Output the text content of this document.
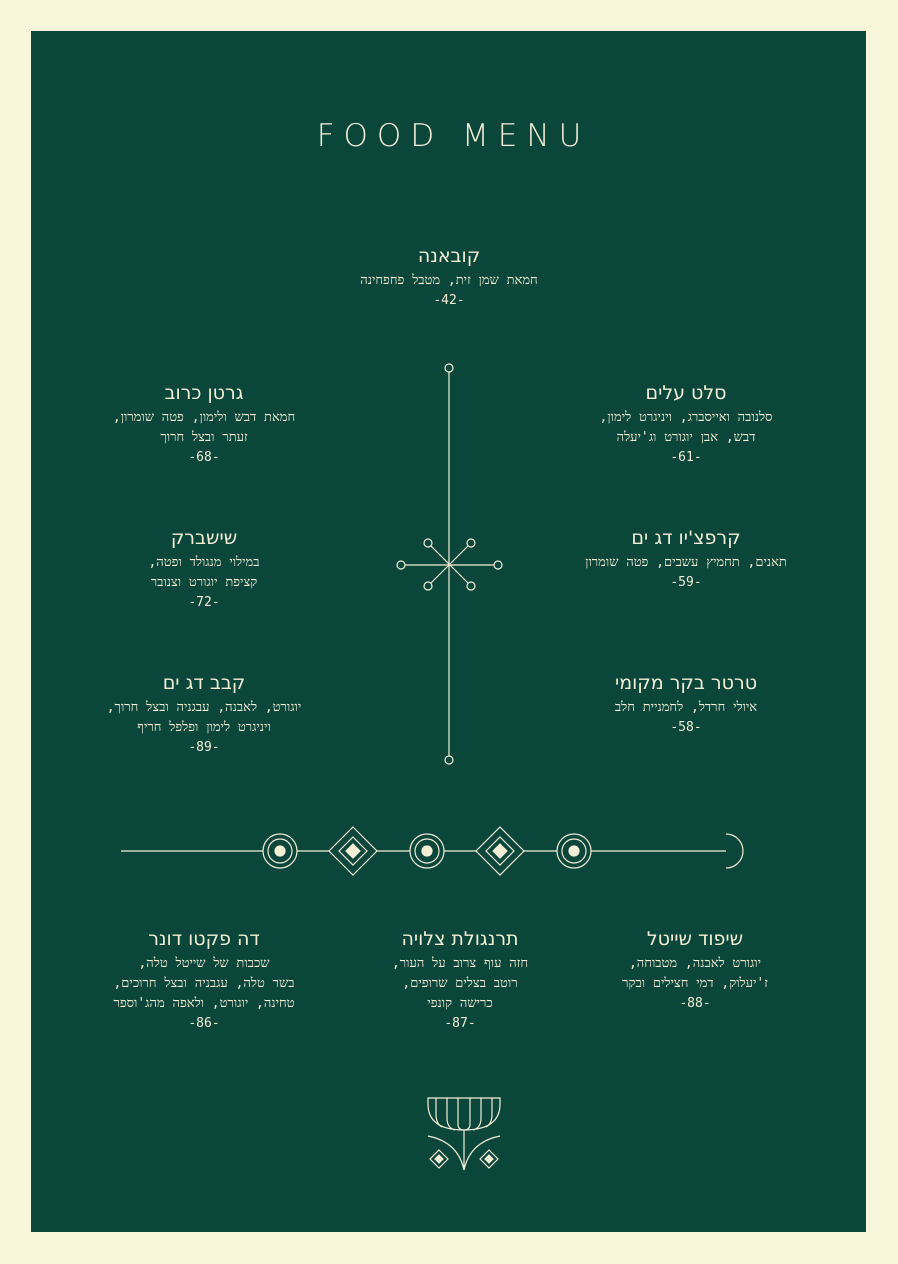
FOOD MENU
קובאנה
חמאת שמן זית, מטבל פחפחינה
-42-
גרטן כרוב
חמאת דבש ולימון, פטה שומרון,
זעתר ובצל חרוך
-68-
שישברק
במילוי מנגולד ופטה,
קציפת יוגורט וצנובר
-72-
קבב דג ים
יוגורט, לאבנה, עבגניה ובצל חרוך,
ויניגרט לימון ופלפל חריף
-89-
סלט עלים
סלנובה ואייסברג, ויניגרט לימון,
דבש, אבן יוגורט וג'יעלה
-61-
קרפצ'יו דג ים
תאנים, תחמיץ עשבים, פטה שומרון
-59-
טרטר בקר מקומי
איולי חרדל, לחמניית חלב
-58-
שיפוד שייטל
יוגורט לאבנה, מטבוחה,
ז'יעלוק, דמי חצילים ובקר
-88-
תרנגולת צלויה
חזה עוף צרוב על העור,
רוטב בצלים שרופים,
כרישה קונפי
-87-
דה פקטו דונר
שכבות של שייטל טלה,
בשר טלה, עגבניה ובצל חרוכים,
טחינה, יוגורט, ולאפה מהג'וספר
-86-
